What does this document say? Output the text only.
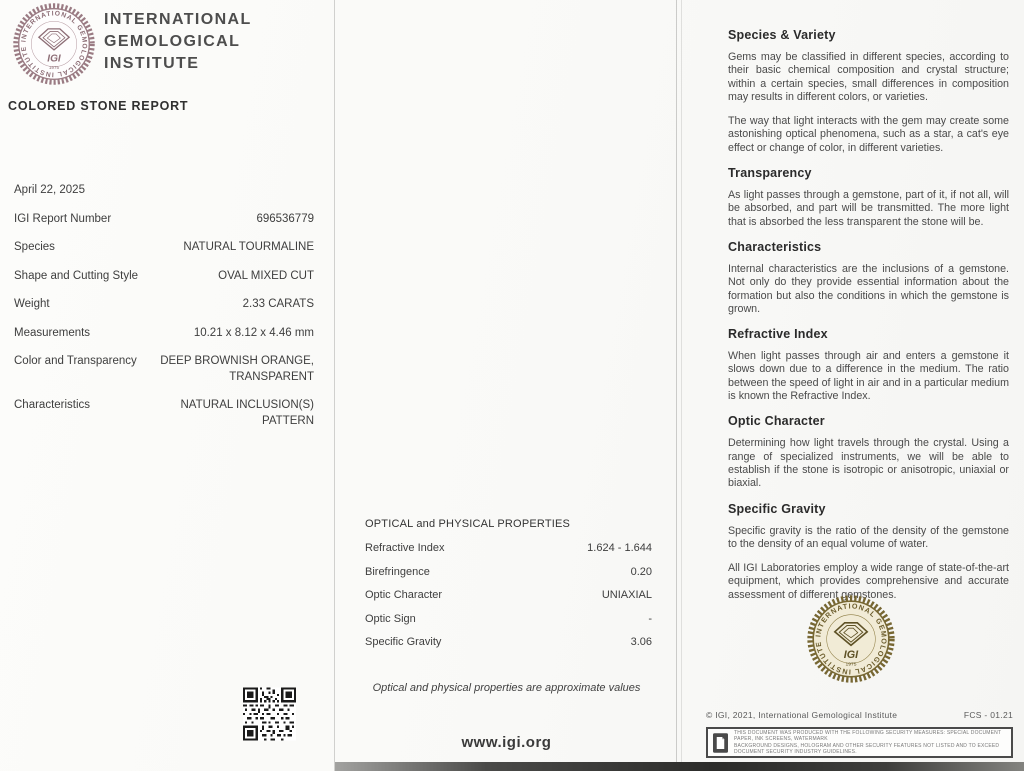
INTERNATIONAL GEMOLOGICAL INSTITUTE
IGI
1975
INTERNATIONAL
GEMOLOGICAL
INSTITUTE
COLORED STONE REPORT
April 22, 2025
IGI Report Number	696536779
Species	NATURAL TOURMALINE
Shape and Cutting Style	OVAL MIXED CUT
Weight	2.33 CARATS
Measurements	10.21 x 8.12 x 4.46 mm
Color and Transparency	DEEP BROWNISH ORANGE, TRANSPARENT
Characteristics	NATURAL INCLUSION(S) PATTERN
OPTICAL and PHYSICAL PROPERTIES
Refractive Index	1.624 - 1.644
Birefringence	0.20
Optic Character	UNIAXIAL
Optic Sign	-
Specific Gravity	3.06
Optical and physical properties are approximate values
www.igi.org
Species & Variety

Gems may be classified in different species, according to their basic chemical composition and crystal structure; within a certain species, small differences in composition may results in different colors, or varieties.

The way that light interacts with the gem may create some astonishing optical phenomena, such as a star, a cat's eye effect or change of color, in different varieties.

Transparency

As light passes through a gemstone, part of it, if not all, will be absorbed, and part will be transmitted. The more light that is absorbed the less transparent the stone will be.

Characteristics

Internal characteristics are the inclusions of a gemstone. Not only do they provide essential information about the formation but also the conditions in which the gemstone is grown.

Refractive Index

When light passes through air and enters a gemstone it slows down due to a difference in the medium. The ratio between the speed of light in air and in a particular medium is known the Refractive Index.

Optic Character

Determining how light travels through the crystal. Using a range of specialized instruments, we will be able to establish if the stone is isotropic or anisotropic, uniaxial or biaxial.

Specific Gravity

Specific gravity is the ratio of the density of the gemstone to the density of an equal volume of water.

All IGI Laboratories employ a wide range of state-of-the-art equipment, which provides comprehensive and accurate assessment of different gemstones.

INTERNATIONAL GEMOLOGICAL INSTITUTE
IGI
1975
© IGI, 2021, International Gemological Institute	FCS - 01.21
THIS DOCUMENT WAS PRODUCED WITH THE FOLLOWING SECURITY MEASURES: SPECIAL DOCUMENT PAPER, INK SCREENS, WATERMARK
BACKGROUND DESIGNS, HOLOGRAM AND OTHER SECURITY FEATURES NOT LISTED AND TO EXCEED DOCUMENT SECURITY INDUSTRY GUIDELINES.
